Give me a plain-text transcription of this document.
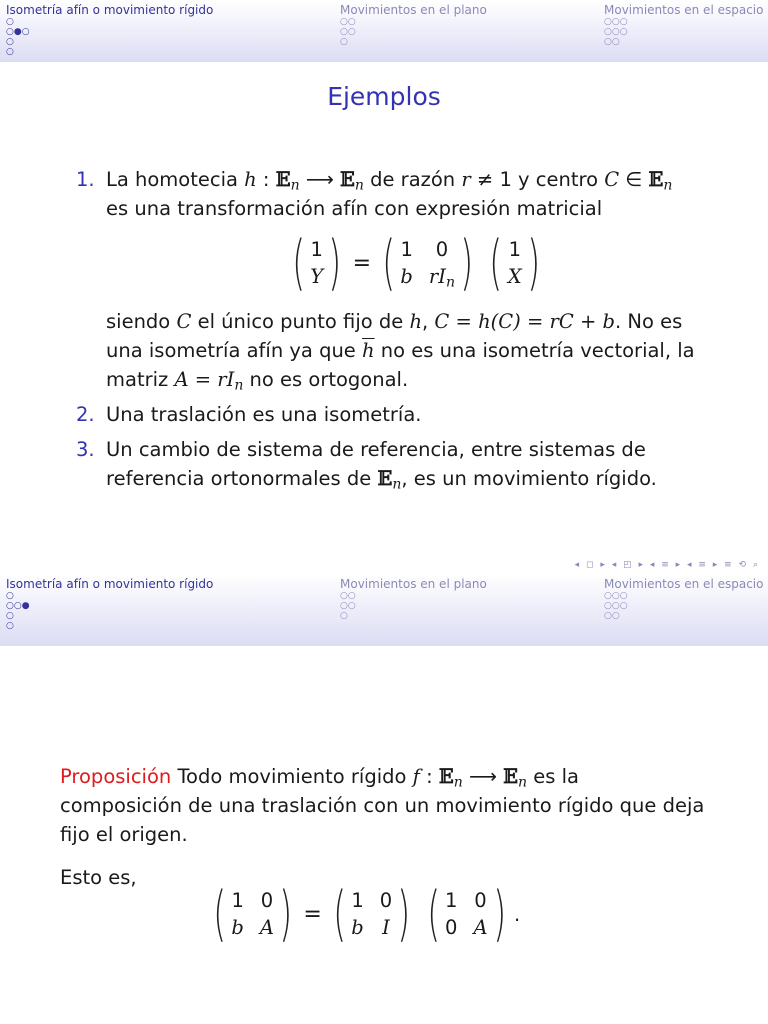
Isometría afín o movimiento rígido
○
○●○
○
○
Movimientos en el plano
○○
○○
○
Movimientos en el espacio
○○○
○○○
○○
Ejemplos
1. La homotecia h : 𝔼$_n$ ⟶ 𝔼$_n$ de razón r ≠ 1 y centro C ∈ 𝔼$_n$
es una transformación afín con expresión matricial
( 1
Y ) = ( 1	0
b $rI_n$ ) ( 1
X )
siendo C el único punto fijo de h, C = h(C) = rC + b. No es
una isometría afín ya que $\overline{h}$ no es una isometría vectorial, la
matriz $A = rI_n$ no es ortogonal.
2. Una traslación es una isometría.
3. Un cambio de sistema de referencia, entre sistemas de
referencia ortonormales de 𝔼$_n$, es un movimiento rígido.
◂ ◻ ▸ ◂ ◰ ▸ ◂ ≡ ▸ ◂ ≡ ▸ ≡ ⟲ ⌕
Isometría afín o movimiento rígido
○
○○●
○
○
Movimientos en el plano
○○
○○
○
Movimientos en el espacio
○○○
○○○
○○
Proposición Todo movimiento rígido f : 𝔼$_n$ ⟶ 𝔼$_n$ es la
composición de una traslación con un movimiento rígido que deja
fijo el origen.
Esto es,
( 1 0
b A ) = ( 1 0
b I ) ( 1 0
0 A ) .
